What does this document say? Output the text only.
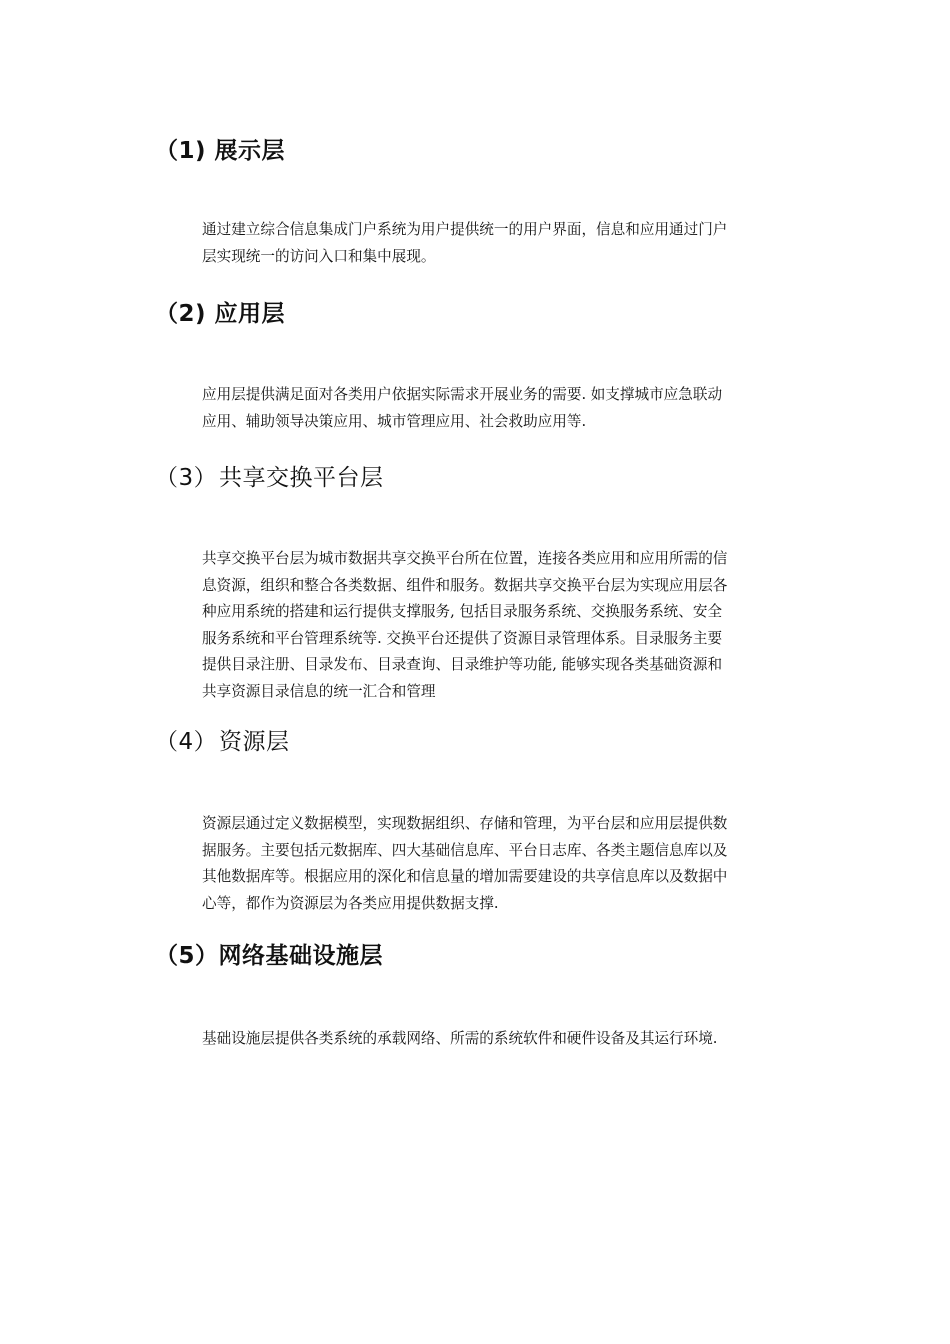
（1) 展示层

通过建立综合信息集成门户系统为用户提供统一的用户界面，信息和应用通过门户
层实现统一的访问入口和集中展现。

（2) 应用层

应用层提供满足面对各类用户依据实际需求开展业务的需要. 如支撑城市应急联动
应用、辅助领导决策应用、城市管理应用、社会救助应用等.

（3）共享交换平台层

共享交换平台层为城市数据共享交换平台所在位置，连接各类应用和应用所需的信
息资源，组织和整合各类数据、组件和服务。数据共享交换平台层为实现应用层各
种应用系统的搭建和运行提供支撑服务, 包括目录服务系统、交换服务系统、安全
服务系统和平台管理系统等. 交换平台还提供了资源目录管理体系。目录服务主要
提供目录注册、目录发布、目录查询、目录维护等功能, 能够实现各类基础资源和
共享资源目录信息的统一汇合和管理

（4）资源层

资源层通过定义数据模型，实现数据组织、存储和管理，为平台层和应用层提供数
据服务。主要包括元数据库、四大基础信息库、平台日志库、各类主题信息库以及
其他数据库等。根据应用的深化和信息量的增加需要建设的共享信息库以及数据中
心等，都作为资源层为各类应用提供数据支撑.

（5）网络基础设施层

基础设施层提供各类系统的承载网络、所需的系统软件和硬件设备及其运行环境.
